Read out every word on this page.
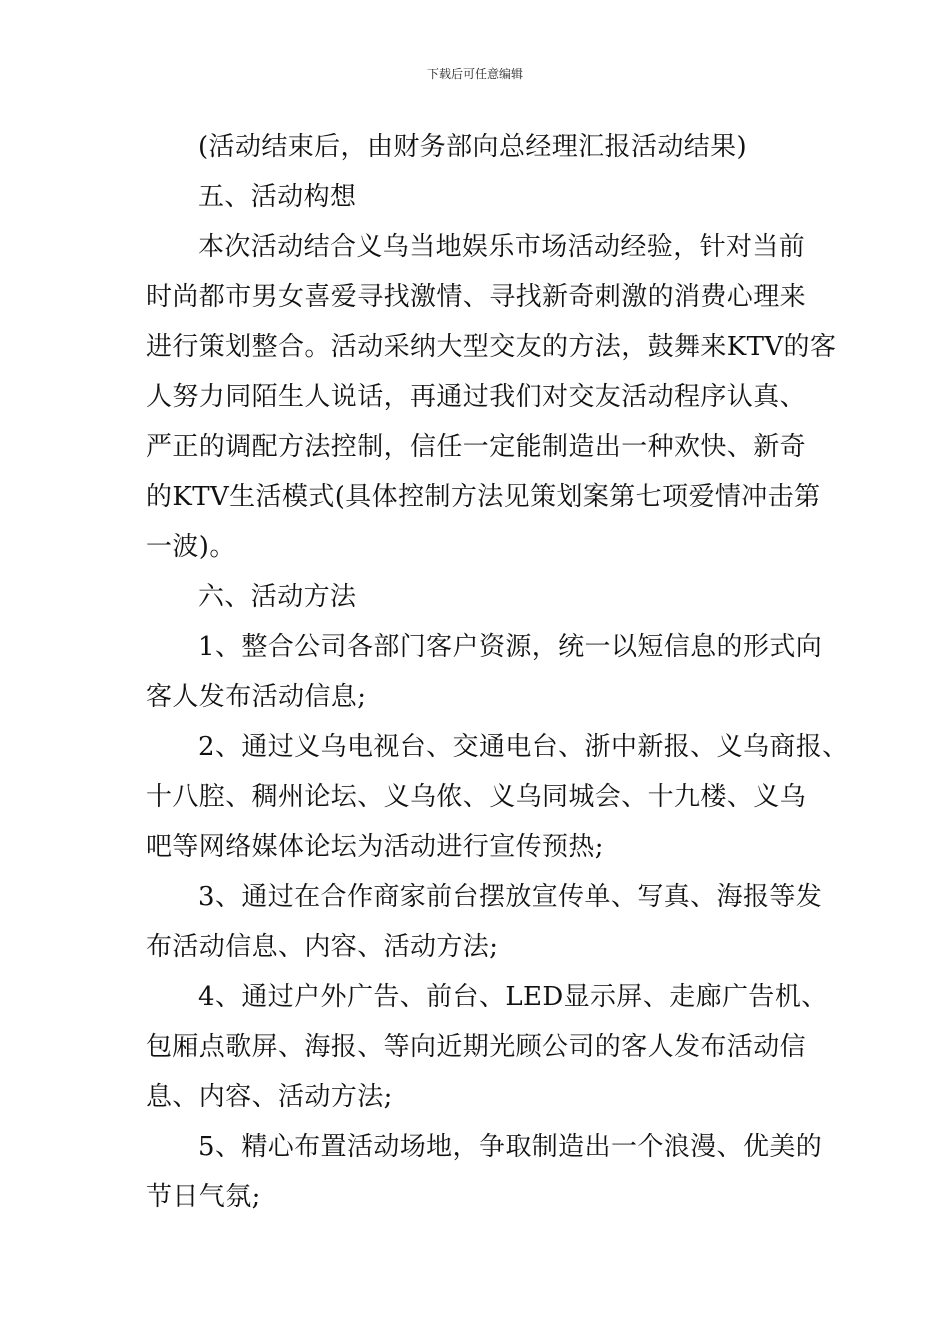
下载后可任意编辑
(活动结束后，由财务部向总经理汇报活动结果)
五、活动构想
本次活动结合义乌当地娱乐市场活动经验，针对当前
时尚都市男女喜爱寻找激情、寻找新奇刺激的消费心理来
进行策划整合。活动采纳大型交友的方法，鼓舞来KTV的客
人努力同陌生人说话，再通过我们对交友活动程序认真、
严正的调配方法控制，信任一定能制造出一种欢快、新奇
的KTV生活模式(具体控制方法见策划案第七项爱情冲击第
一波)。
六、活动方法
1、整合公司各部门客户资源，统一以短信息的形式向
客人发布活动信息;
2、通过义乌电视台、交通电台、浙中新报、义乌商报、
十八腔、稠州论坛、义乌侬、义乌同城会、十九楼、义乌
吧等网络媒体论坛为活动进行宣传预热;
3、通过在合作商家前台摆放宣传单、写真、海报等发
布活动信息、内容、活动方法;
4、通过户外广告、前台、LED显示屏、走廊广告机、
包厢点歌屏、海报、等向近期光顾公司的客人发布活动信
息、内容、活动方法;
5、精心布置活动场地，争取制造出一个浪漫、优美的
节日气氛;
